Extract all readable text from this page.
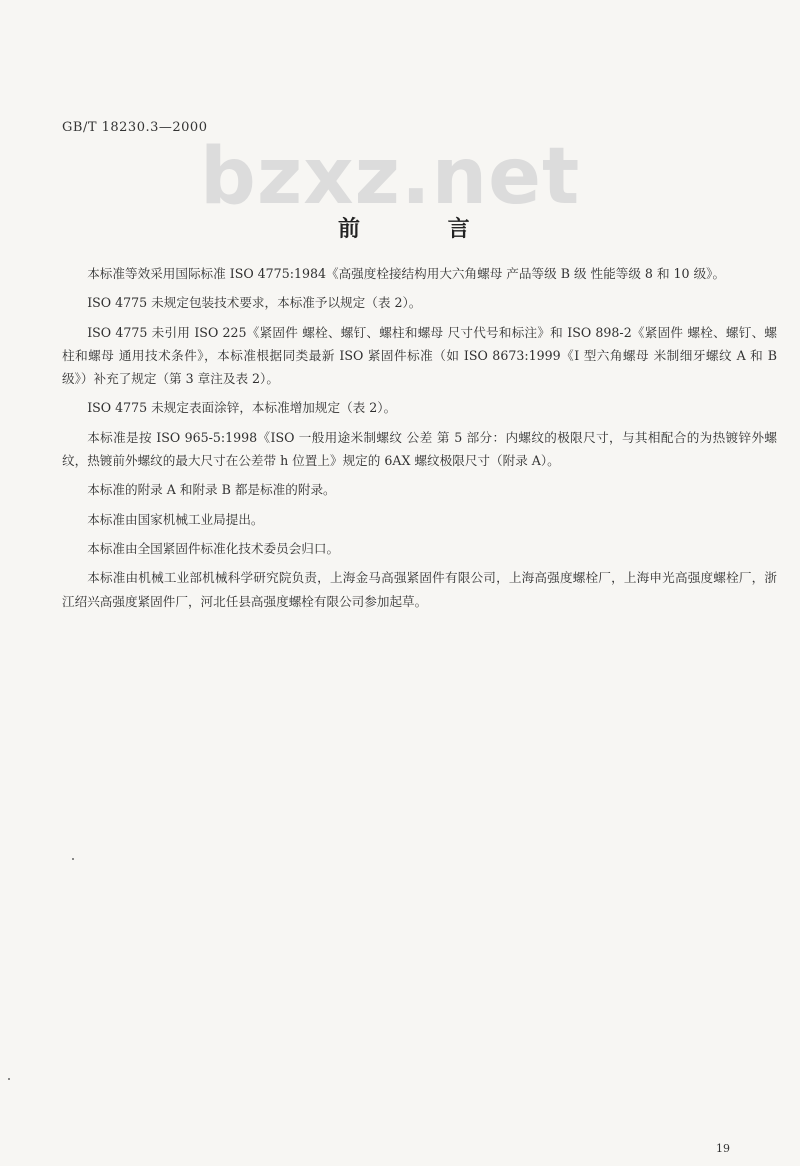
GB/T 18230.3—2000
bzxz.net
前 言

本标准等效采用国际标准 ISO 4775:1984《高强度栓接结构用大六角螺母 产品等级 B 级 性能等级 8 和 10 级》。

ISO 4775 未规定包装技术要求，本标准予以规定（表 2）。

ISO 4775 未引用 ISO 225《紧固件 螺栓、螺钉、螺柱和螺母 尺寸代号和标注》和 ISO 898-2《紧固件 螺栓、螺钉、螺柱和螺母 通用技术条件》，本标准根据同类最新 ISO 紧固件标准（如 ISO 8673:1999《I 型六角螺母 米制细牙螺纹 A 和 B 级》）补充了规定（第 3 章注及表 2）。

ISO 4775 未规定表面涂锌，本标准增加规定（表 2）。

本标准是按 ISO 965-5:1998《ISO 一般用途米制螺纹 公差 第 5 部分：内螺纹的极限尺寸，与其相配合的为热镀锌外螺纹，热镀前外螺纹的最大尺寸在公差带 h 位置上》规定的 6AX 螺纹极限尺寸（附录 A）。

本标准的附录 A 和附录 B 都是标准的附录。

本标准由国家机械工业局提出。

本标准由全国紧固件标准化技术委员会归口。

本标准由机械工业部机械科学研究院负责，上海金马高强紧固件有限公司，上海高强度螺栓厂，上海申光高强度螺栓厂，浙江绍兴高强度紧固件厂，河北任县高强度螺栓有限公司参加起草。

19
